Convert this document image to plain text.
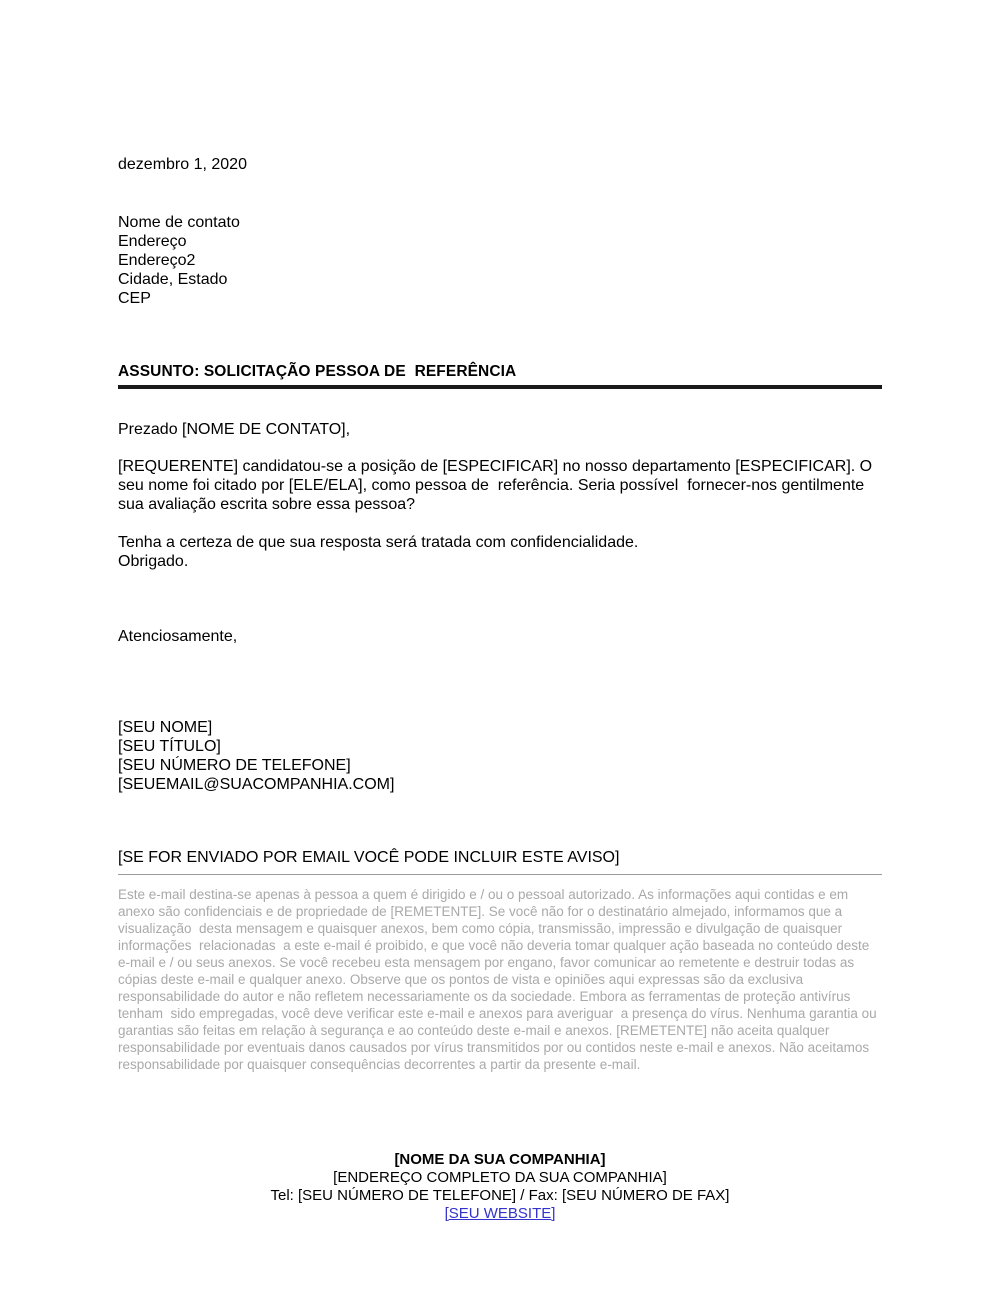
dezembro 1, 2020
Nome de contato
Endereço
Endereço2
Cidade, Estado
CEP
ASSUNTO: SOLICITAÇÃO PESSOA DE  REFERÊNCIA
Prezado [NOME DE CONTATO],
[REQUERENTE] candidatou-se a posição de [ESPECIFICAR] no nosso departamento [ESPECIFICAR]. O seu nome foi citado por [ELE/ELA], como pessoa de  referência. Seria possível  fornecer-nos gentilmente sua avaliação escrita sobre essa pessoa?
Tenha a certeza de que sua resposta será tratada com confidencialidade.
Obrigado.
Atenciosamente,
[SEU NOME]
[SEU TÍTULO]
[SEU NÚMERO DE TELEFONE]
[SEUEMAIL@SUACOMPANHIA.COM]
[SE FOR ENVIADO POR EMAIL VOCÊ PODE INCLUIR ESTE AVISO]
Este e-mail destina-se apenas à pessoa a quem é dirigido e / ou o pessoal autorizado. As informações aqui contidas e em anexo são confidenciais e de propriedade de [REMETENTE]. Se você não for o destinatário almejado, informamos que a visualização  desta mensagem e quaisquer anexos, bem como cópia, transmissão, impressão e divulgação de quaisquer informações  relacionadas  a este e-mail é proibido, e que você não deveria tomar qualquer ação baseada no conteúdo deste e-mail e / ou seus anexos. Se você recebeu esta mensagem por engano, favor comunicar ao remetente e destruir todas as cópias deste e-mail e qualquer anexo. Observe que os pontos de vista e opiniões aqui expressas são da exclusiva responsabilidade do autor e não refletem necessariamente os da sociedade. Embora as ferramentas de proteção antivírus tenham  sido empregadas, você deve verificar este e-mail e anexos para averiguar  a presença do vírus. Nenhuma garantia ou garantias são feitas em relação à segurança e ao conteúdo deste e-mail e anexos. [REMETENTE] não aceita qualquer responsabilidade por eventuais danos causados por vírus transmitidos por ou contidos neste e-mail e anexos. Não aceitamos responsabilidade por quaisquer consequências decorrentes a partir da presente e-mail.
[NOME DA SUA COMPANHIA]
[ENDEREÇO COMPLETO DA SUA COMPANHIA]
Tel: [SEU NÚMERO DE TELEFONE] / Fax: [SEU NÚMERO DE FAX]
[SEU WEBSITE]
